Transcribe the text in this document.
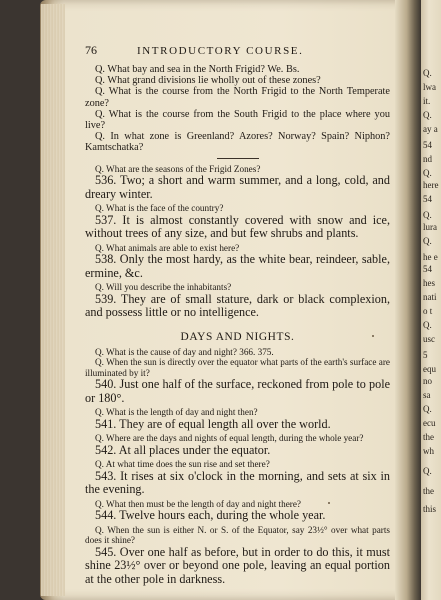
Q.
lwa
it.
Q.
ay a
54
nd
Q.
here
54
Q.
lura
Q.
he e
54
hes
nati
o t
Q.
usc
5
equ
no
sa
Q.
ecu
the
wh
Q.
the
this
76	INTRODUCTORY COURSE.

Q. What bay and sea in the North Frigid? We. Bs.

Q. What grand divisions lie wholly out of these zones?

Q. What is the course from the North Frigid to the North Temperate zone?

Q. What is the course from the South Frigid to the place where you live?

Q. In what zone is Greenland? Azores? Norway? Spain? Niphon? Kamtschatka?

Q. What are the seasons of the Frigid Zones?

536. Two; a short and warm summer, and a long, cold, and dreary winter.

Q. What is the face of the country?

537. It is almost constantly covered with snow and ice, without trees of any size, and but few shrubs and plants.

Q. What animals are able to exist here?

538. Only the most hardy, as the white bear, reindeer, sable, ermine, &c.

Q. Will you describe the inhabitants?

539. They are of small stature, dark or black complexion, and possess little or no intelligence.

DAYS AND NIGHTS.

Q. What is the cause of day and night? 366. 375.

Q. When the sun is directly over the equator what parts of the earth's surface are illuminated by it?

540. Just one half of the surface, reckoned from pole to pole or 180°.

Q. What is the length of day and night then?

541. They are of equal length all over the world.

Q. Where are the days and nights of equal length, during the whole year?

542. At all places under the equator.

Q. At what time does the sun rise and set there?

543. It rises at six o'clock in the morning, and sets at six in the evening.

Q. What then must be the length of day and night there?

544. Twelve hours each, during the whole year.

Q. When the sun is either N. or S. of the Equator, say 23½° over what parts does it shine?

545. Over one half as before, but in order to do this, it must shine 23½° over or beyond one pole, leaving an equal portion at the other pole in darkness.
